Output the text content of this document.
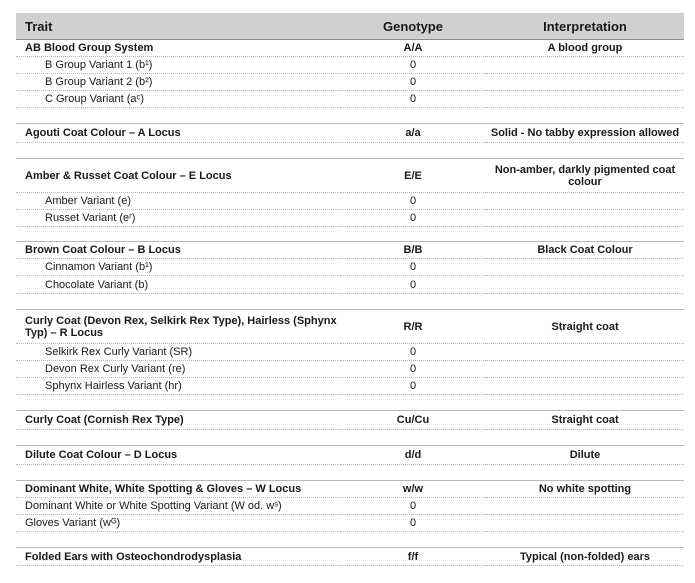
Trait	Genotype	Interpretation
AB Blood Group System	A/A	A blood group
B Group Variant 1 (b¹)	0	
B Group Variant 2 (b²)	0	
C Group Variant (aᶜ)	0	

Agouti Coat Colour – A Locus	a/a	Solid - No tabby expression allowed

Amber & Russet Coat Colour – E Locus	E/E	Non-amber, darkly pigmented coat colour
Amber Variant (e)	0	
Russet Variant (eʳ)	0	

Brown Coat Colour – B Locus	B/B	Black Coat Colour
Cinnamon Variant (b¹)	0	
Chocolate Variant (b)	0	

Curly Coat (Devon Rex, Selkirk Rex Type), Hairless (Sphynx Typ) – R Locus	R/R	Straight coat
Selkirk Rex Curly Variant (SR)	0	
Devon Rex Curly Variant (re)	0	
Sphynx Hairless Variant (hr)	0	

Curly Coat (Cornish Rex Type)	Cu/Cu	Straight coat

Dilute Coat Colour – D Locus	d/d	Dilute

Dominant White, White Spotting & Gloves – W Locus	w/w	No white spotting
Dominant White or White Spotting Variant (W od. wˢ)	0	
Gloves Variant (wᴳ)	0	

Folded Ears with Osteochondrodysplasia	f/f	Typical (non-folded) ears
